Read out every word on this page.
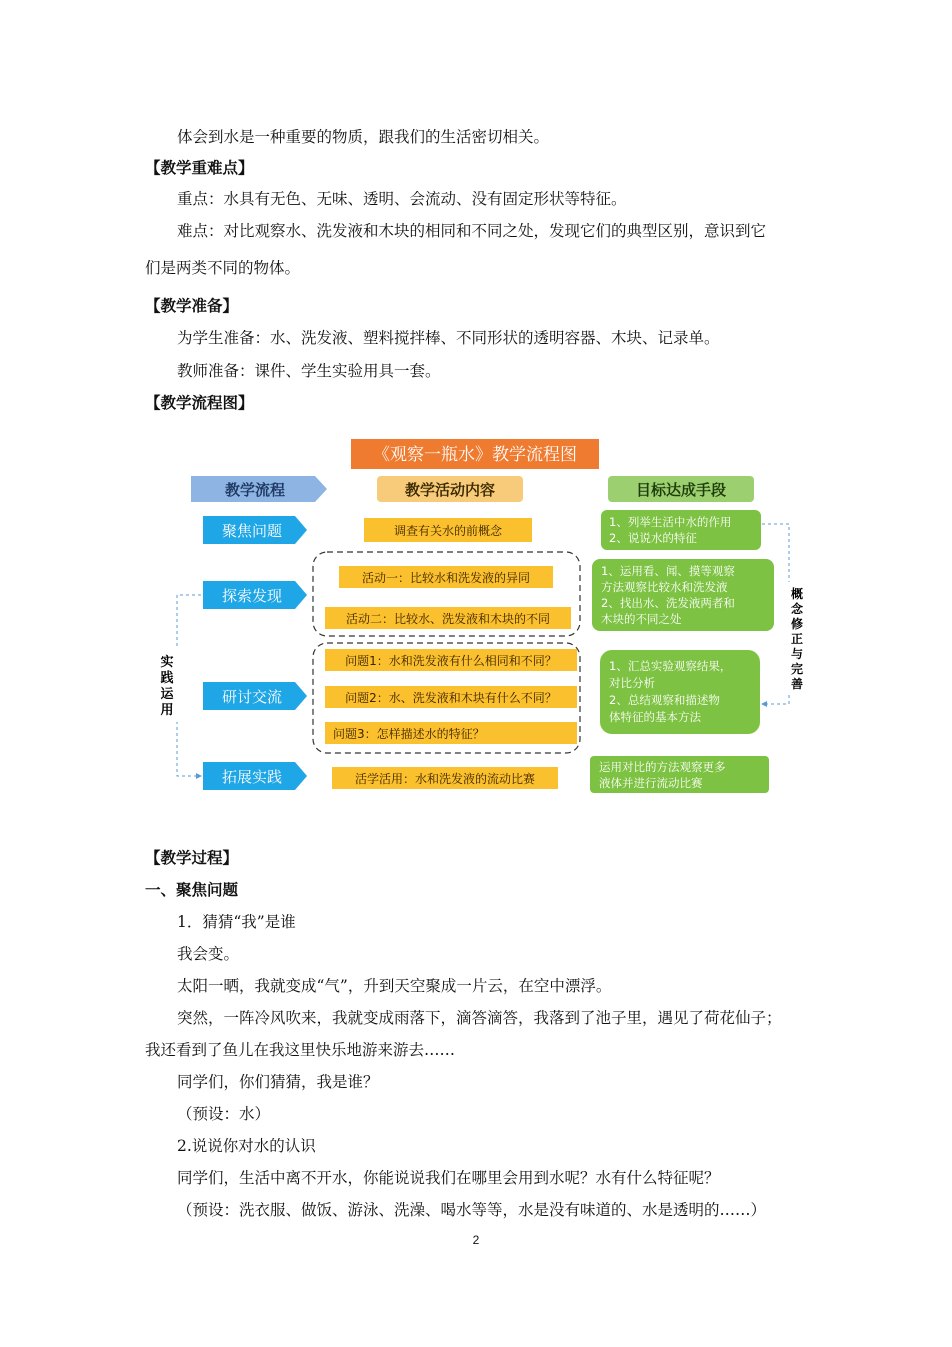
体会到水是一种重要的物质，跟我们的生活密切相关。
【教学重难点】
重点：水具有无色、无味、透明、会流动、没有固定形状等特征。
难点：对比观察水、洗发液和木块的相同和不同之处，发现它们的典型区别，意识到它
们是两类不同的物体。
【教学准备】
为学生准备：水、洗发液、塑料搅拌棒、不同形状的透明容器、木块、记录单。
教师准备：课件、学生实验用具一套。
【教学流程图】
《观察一瓶水》教学流程图
教学流程	教学活动内容	目标达成手段
聚焦问题
探索发现
研讨交流
拓展实践
实
践
运
用
调查有关水的前概念
活动一：比较水和洗发液的异同
活动二：比较水、洗发液和木块的不同
问题1：水和洗发液有什么相同和不同？
问题2：水、洗发液和木块有什么不同？
问题3：怎样描述水的特征？
活学活用：水和洗发液的流动比赛
1、列举生活中水的作用
2、说说水的特征
1、运用看、闻、摸等观察
方法观察比较水和洗发液
2、找出水、洗发液两者和
木块的不同之处
1、汇总实验观察结果，
对比分析
2、总结观察和描述物
体特征的基本方法
运用对比的方法观察更多
液体并进行流动比赛
概
念
修
正
与
完
善
【教学过程】
一、聚焦问题
1．猜猜“我”是谁
我会变。
太阳一晒，我就变成“气”，升到天空聚成一片云，在空中漂浮。
突然，一阵冷风吹来，我就变成雨落下，滴答滴答，我落到了池子里，遇见了荷花仙子；
我还看到了鱼儿在我这里快乐地游来游去……
同学们，你们猜猜，我是谁？
（预设：水）
2.说说你对水的认识
同学们，生活中离不开水，你能说说我们在哪里会用到水呢？水有什么特征呢？
（预设：洗衣服、做饭、游泳、洗澡、喝水等等，水是没有味道的、水是透明的……）
2
